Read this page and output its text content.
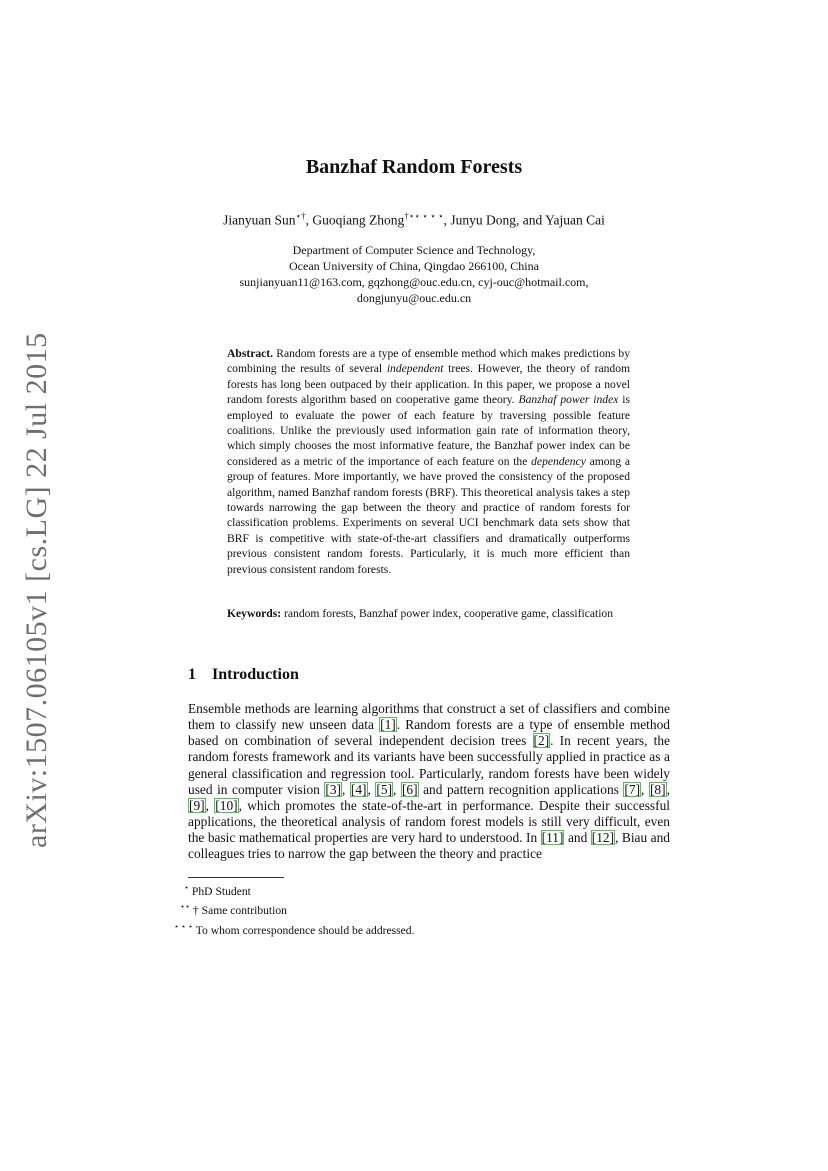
arXiv:1507.06105v1 [cs.LG] 22 Jul 2015
Banzhaf Random Forests
Jianyuan Sun⋆†, Guoqiang Zhong†⋆⋆ ⋆ ⋆ ⋆, Junyu Dong, and Yajuan Cai
Department of Computer Science and Technology,
Ocean University of China, Qingdao 266100, China
sunjianyuan11@163.com, gqzhong@ouc.edu.cn, cyj-ouc@hotmail.com,
dongjunyu@ouc.edu.cn
Abstract. Random forests are a type of ensemble method which makes predictions by combining the results of several independent trees. However, the theory of random forests has long been outpaced by their application. In this paper, we propose a novel random forests algorithm based on cooperative game theory. Banzhaf power index is employed to evaluate the power of each feature by traversing possible feature coalitions. Unlike the previously used information gain rate of information theory, which simply chooses the most informative feature, the Banzhaf power index can be considered as a metric of the importance of each feature on the dependency among a group of features. More importantly, we have proved the consistency of the proposed algorithm, named Banzhaf random forests (BRF). This theoretical analysis takes a step towards narrowing the gap between the theory and practice of random forests for classification problems. Experiments on several UCI benchmark data sets show that BRF is competitive with state-of-the-art classifiers and dramatically outperforms previous consistent random forests. Particularly, it is much more efficient than previous consistent random forests.
Keywords: random forests, Banzhaf power index, cooperative game, classification
1 Introduction
Ensemble methods are learning algorithms that construct a set of classifiers and combine them to classify new unseen data [1]. Random forests are a type of ensemble method based on combination of several independent decision trees [2]. In recent years, the random forests framework and its variants have been successfully applied in practice as a general classification and regression tool. Particularly, random forests have been widely used in computer vision [3], [4], [5], [6] and pattern recognition applications [7], [8], [9], [10], which promotes the state-of-the-art in performance. Despite their successful applications, the theoretical analysis of random forest models is still very difficult, even the basic mathematical properties are very hard to understood. In [11] and [12], Biau and colleagues tries to narrow the gap between the theory and practice
⋆ PhD Student
⋆⋆ † Same contribution
⋆ ⋆ ⋆ To whom correspondence should be addressed.
